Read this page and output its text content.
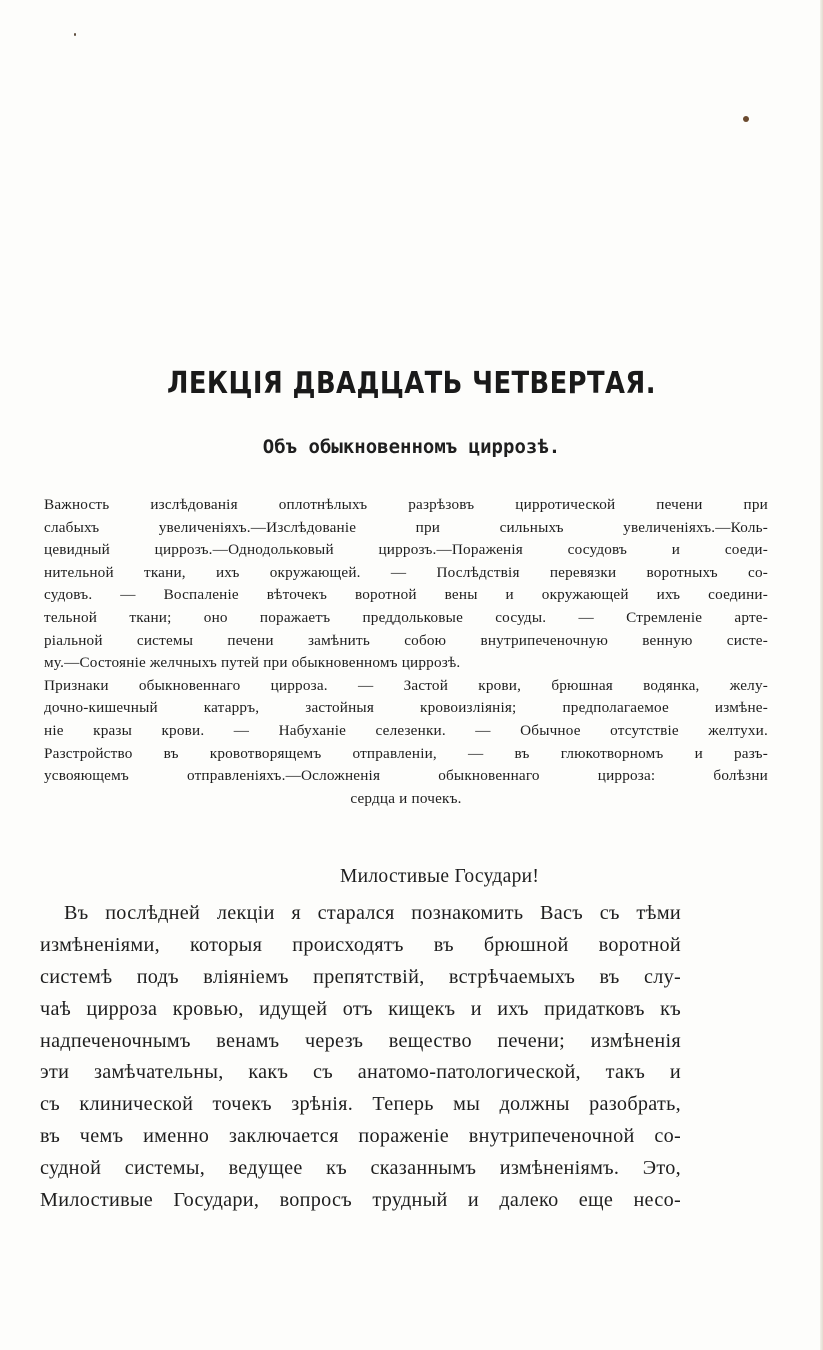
ЛЕКЦІЯ ДВАДЦАТЬ ЧЕТВЕРТАЯ.
Объ обыкновенномъ циррозѣ.
Важность изслѣдованія оплотнѣлыхъ разрѣзовъ цирротической печени при
слабыхъ увеличеніяхъ.—Изслѣдованіе при сильныхъ увеличеніяхъ.—Коль-
цевидный циррозъ.—Однодольковый циррозъ.—Пораженія сосудовъ и соеди-
нительной ткани, ихъ окружающей. — Послѣдствія перевязки воротныхъ со-
судовъ. — Воспаленіе вѣточекъ воротной вены и окружающей ихъ соедини-
тельной ткани; оно поражаетъ преддольковые сосуды. — Стремленіе арте-
ріальной системы печени замѣнить собою внутрипеченочную венную систе-
му.—Состояніе желчныхъ путей при обыкновенномъ циррозѣ.
Признаки обыкновеннаго цирроза. — Застой крови, брюшная водянка, желу-
дочно-кишечный катарръ, застойныя кровоизліянія; предполагаемое измѣне-
ніе кразы крови. — Набуханіе селезенки. — Обычное отсутствіе желтухи.
Разстройство въ кровотворящемъ отправленіи, — въ глюкотворномъ и разъ-
усвояющемъ отправленіяхъ.—Осложненія обыкновеннаго цирроза: болѣзни
сердца и почекъ.
Милостивые Государи!
Въ послѣдней лекціи я старался познакомить Васъ съ тѣми
измѣненіями, которыя происходятъ въ брюшной воротной
системѣ подъ вліяніемъ препятствій, встрѣчаемыхъ въ слу-
чаѣ цирроза кровью, идущей отъ кишекъ и ихъ придатковъ къ
надпеченочнымъ венамъ черезъ вещество печени; измѣненія
эти замѣчательны, какъ съ анатомо-патологической, такъ и
съ клинической точекъ зрѣнія. Теперь мы должны разобрать,
въ чемъ именно заключается пораженіе внутрипеченочной со-
судной системы, ведущее къ сказаннымъ измѣненіямъ. Это,
Милостивые Государи, вопросъ трудный и далеко еще несо-
